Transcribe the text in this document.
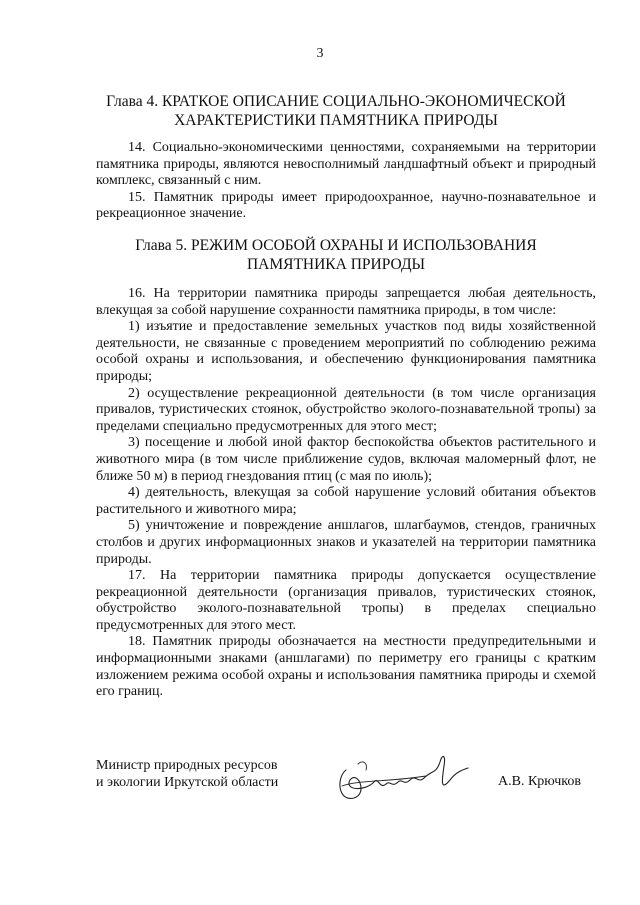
3
Глава 4. КРАТКОЕ ОПИСАНИЕ СОЦИАЛЬНО-ЭКОНОМИЧЕСКОЙ
ХАРАКТЕРИСТИКИ ПАМЯТНИКА ПРИРОДЫ

14. Социально-экономическими ценностями, сохраняемыми на территории памятника природы, являются невосполнимый ландшафтный объект и природный комплекс, связанный с ним.

15. Памятник природы имеет природоохранное, научно-познавательное и рекреационное значение.

Глава 5. РЕЖИМ ОСОБОЙ ОХРАНЫ И ИСПОЛЬЗОВАНИЯ
ПАМЯТНИКА ПРИРОДЫ

16. На территории памятника природы запрещается любая деятельность, влекущая за собой нарушение сохранности памятника природы, в том числе:

1) изъятие и предоставление земельных участков под виды хозяйственной деятельности, не связанные с проведением мероприятий по соблюдению режима особой охраны и использования, и обеспечению функционирования памятника природы;

2) осуществление рекреационной деятельности (в том числе организация привалов, туристических стоянок, обустройство эколого-познавательной тропы) за пределами специально предусмотренных для этого мест;

3) посещение и любой иной фактор беспокойства объектов растительного и животного мира (в том числе приближение судов, включая маломерный флот, не ближе 50 м) в период гнездования птиц (с мая по июль);

4) деятельность, влекущая за собой нарушение условий обитания объектов растительного и животного мира;

5) уничтожение и повреждение аншлагов, шлагбаумов, стендов, граничных столбов и других информационных знаков и указателей на территории памятника природы.

17. На территории памятника природы допускается осуществление рекреационной деятельности (организация привалов, туристических стоянок, обустройство эколого-познавательной тропы) в пределах специально предусмотренных для этого мест.

18. Памятник природы обозначается на местности предупредительными и информационными знаками (аншлагами) по периметру его границы с кратким изложением режима особой охраны и использования памятника природы и схемой его границ.

Министр природных ресурсов
и экологии Иркутской области	А.В. Крючков
